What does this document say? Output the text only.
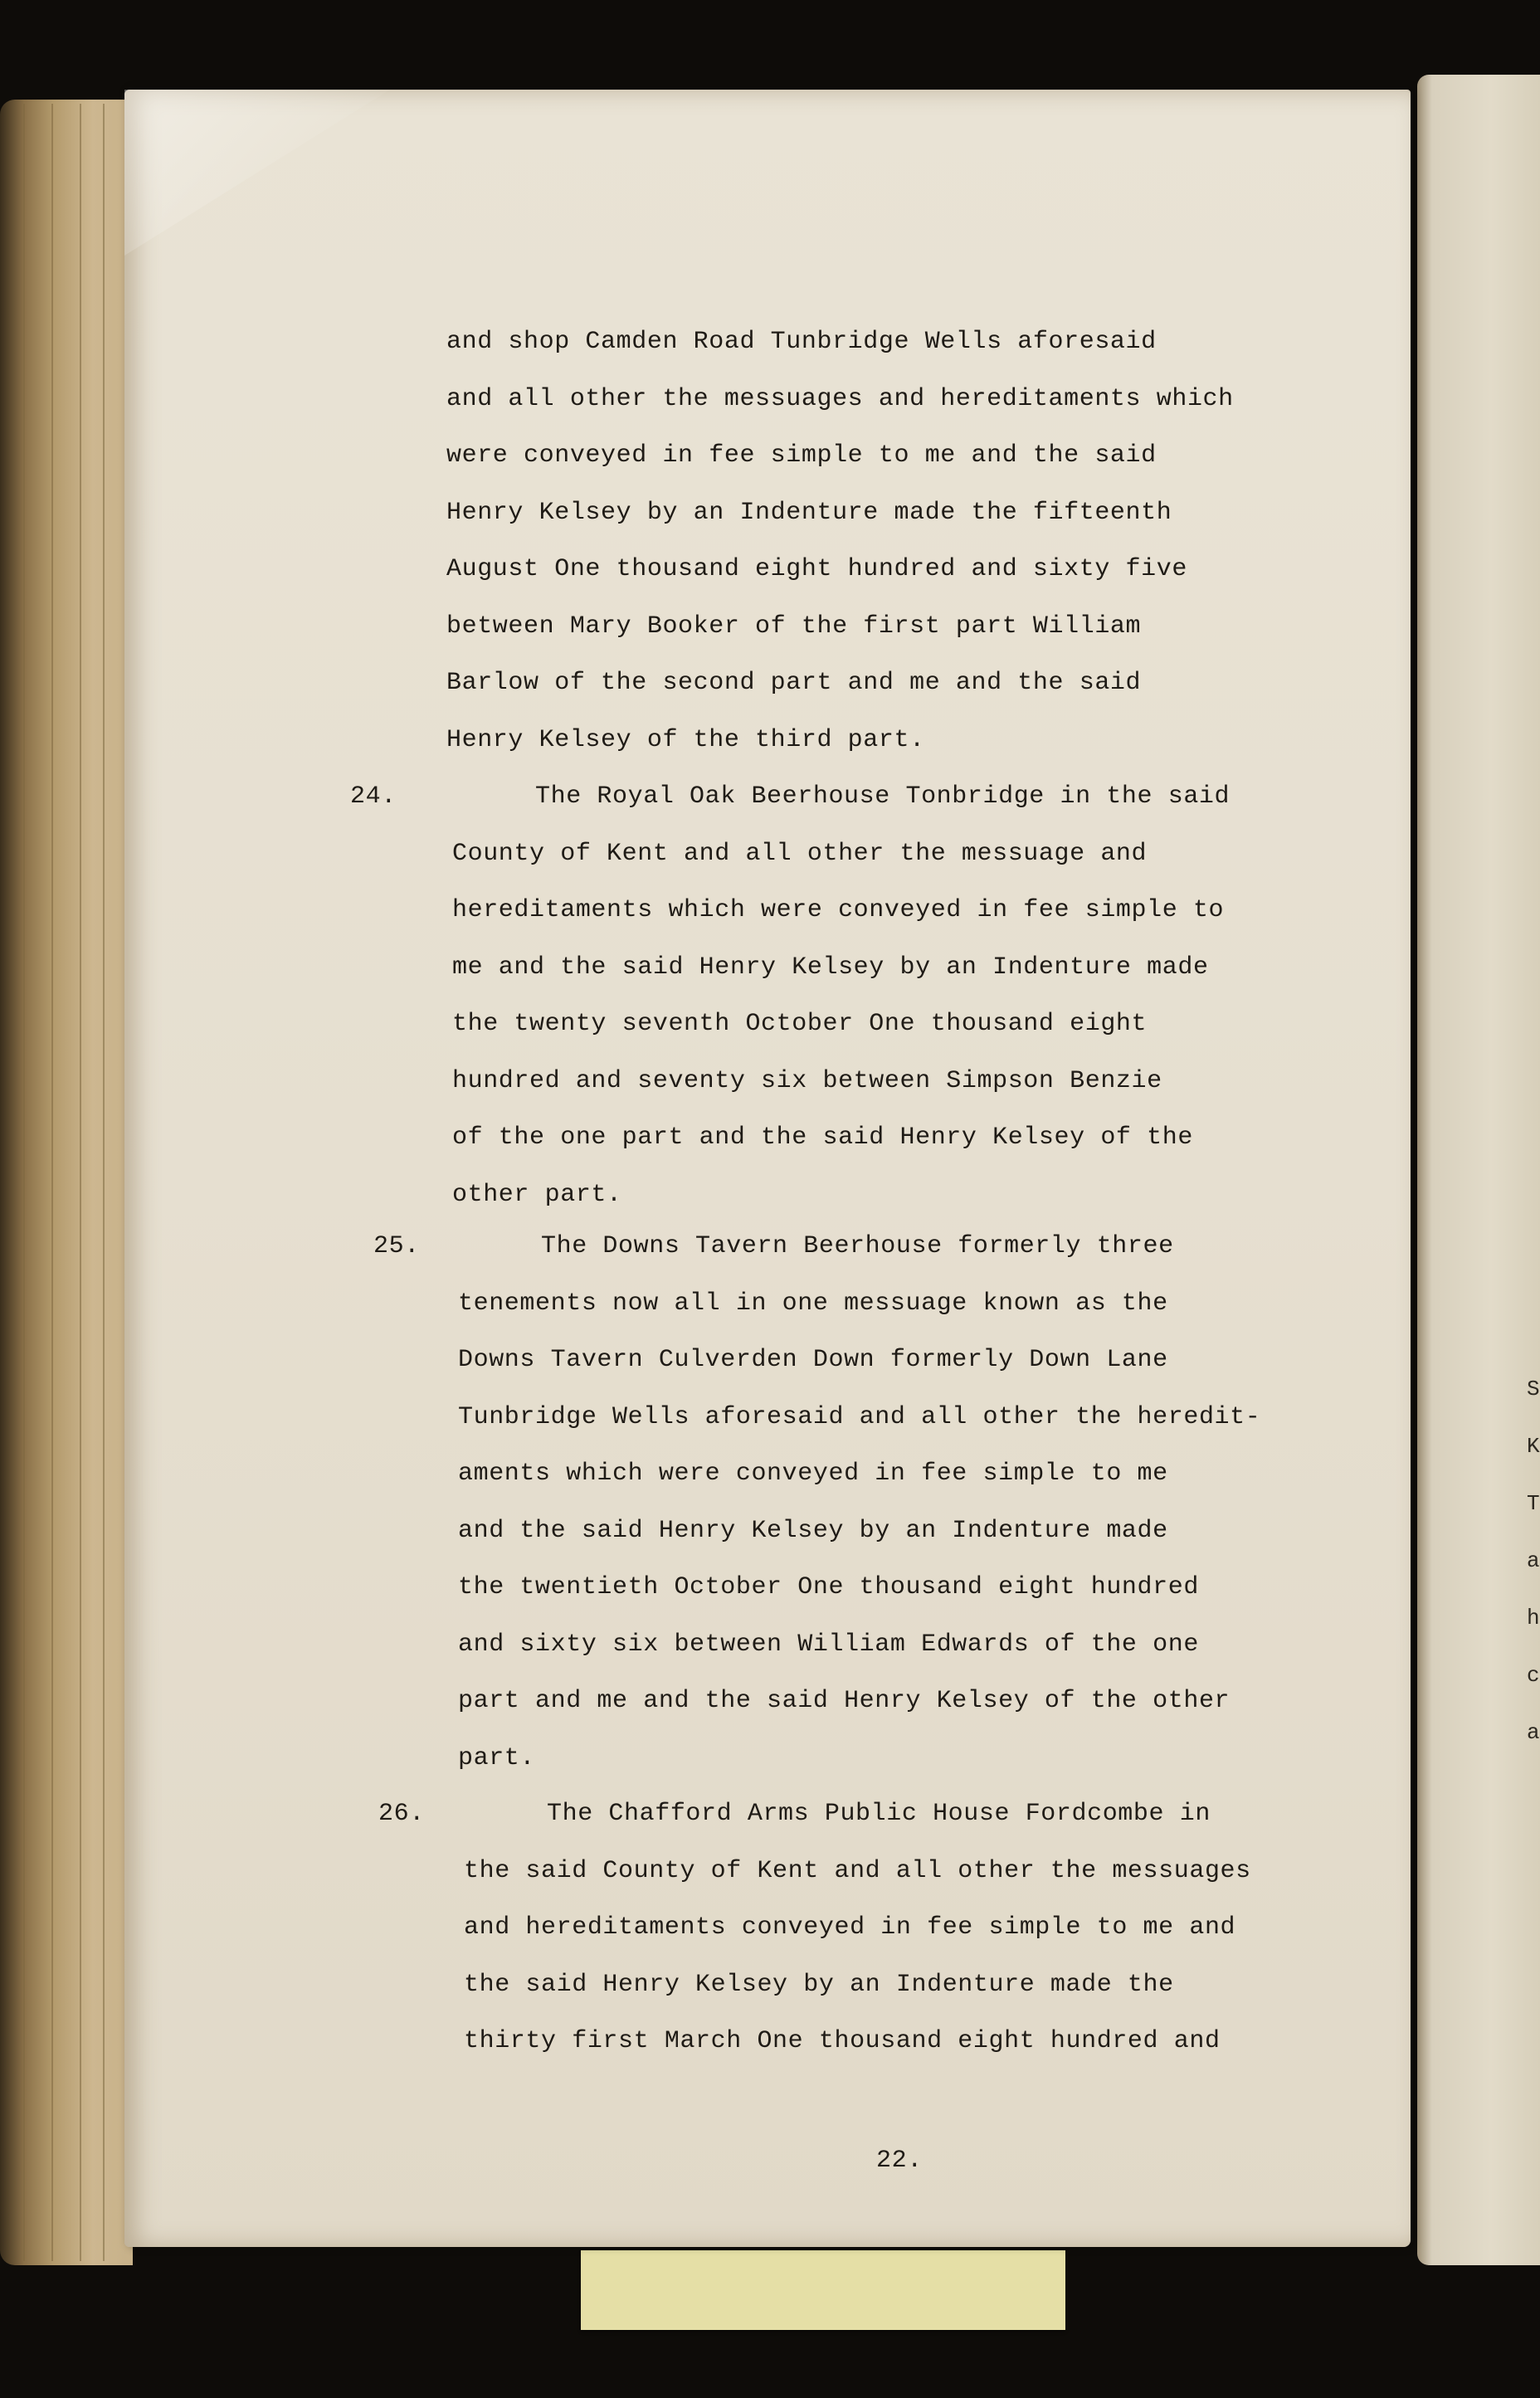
S
K
T
a
h
c
a
and shop Camden Road Tunbridge Wells aforesaid
and all other the messuages and hereditaments which
were conveyed in fee simple to me and the said
Henry Kelsey by an Indenture made the fifteenth
August One thousand eight hundred and sixty five
between Mary Booker of the first part William
Barlow of the second part and me and the said
Henry Kelsey of the third part.
24.	The Royal Oak Beerhouse Tonbridge in the said
County of Kent and all other the messuage and
hereditaments which were conveyed in fee simple to
me and the said Henry Kelsey by an Indenture made
the twenty seventh October One thousand eight
hundred and seventy six between Simpson Benzie
of the one part and the said Henry Kelsey of the
other part.
25.	The Downs Tavern Beerhouse formerly three
tenements now all in one messuage known as the
Downs Tavern Culverden Down formerly Down Lane
Tunbridge Wells aforesaid and all other the heredit-
aments which were conveyed in fee simple to me
and the said Henry Kelsey by an Indenture made
the twentieth October One thousand eight hundred
and sixty six between William Edwards of the one
part and me and the said Henry Kelsey of the other
part.
26.	The Chafford Arms Public House Fordcombe in
the said County of Kent and all other the messuages
and hereditaments conveyed in fee simple to me and
the said Henry Kelsey by an Indenture made the
thirty first March One thousand eight hundred and
22.
